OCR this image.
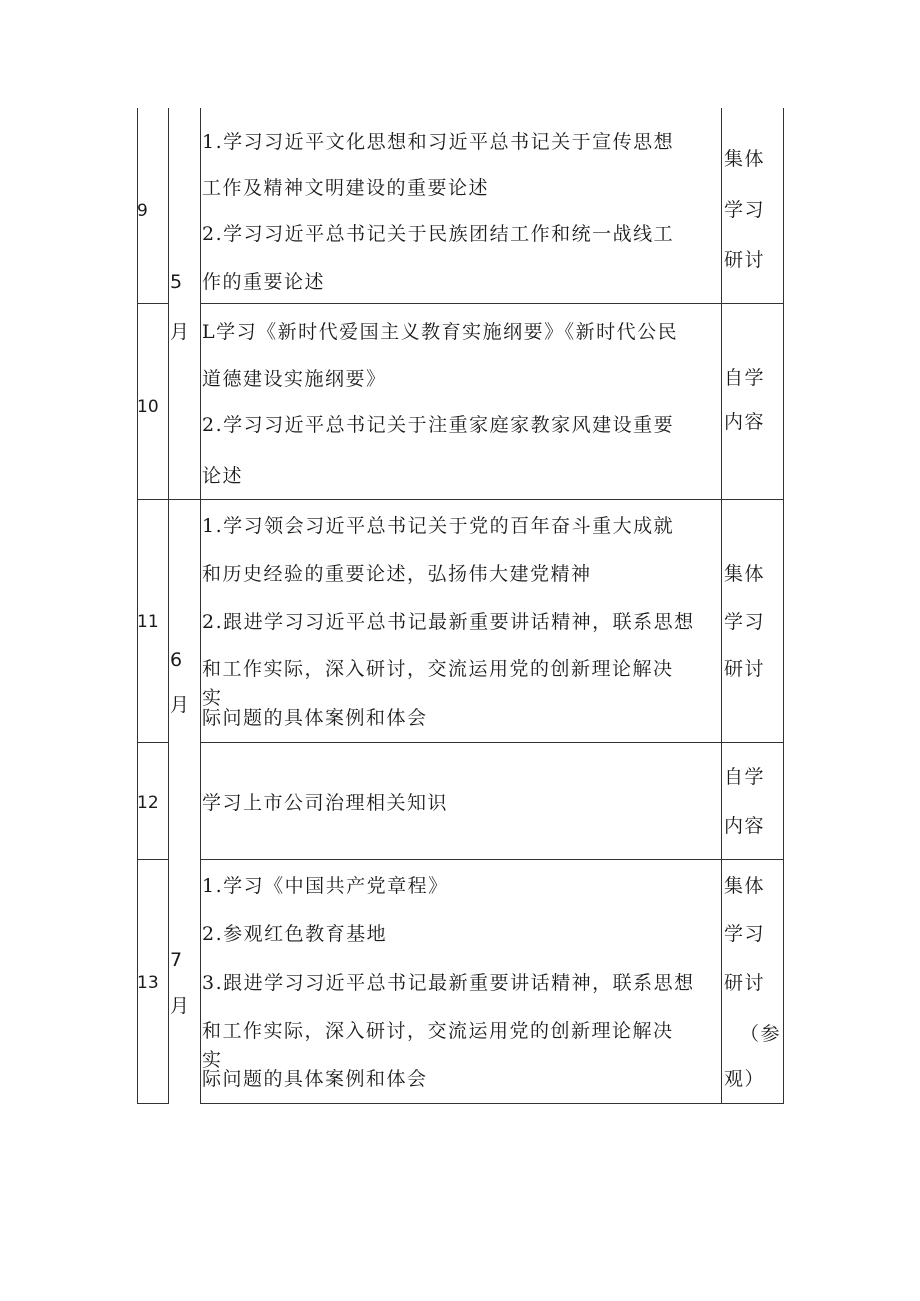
9
1.学习习近平文化思想和习近平总书记关于宣传思想
工作及精神文明建设的重要论述
2.学习习近平总书记关于民族团结工作和统一战线工
作的重要论述
集体
学习
研讨
5
月
10
L学习《新时代爱国主义教育实施纲要》《新时代公民
道德建设实施纲要》
2.学习习近平总书记关于注重家庭家教家风建设重要
论述
自学
内容
11
1.学习领会习近平总书记关于党的百年奋斗重大成就
和历史经验的重要论述，弘扬伟大建党精神
2.跟进学习习近平总书记最新重要讲话精神，联系思想
和工作实际，深入研讨，交流运用党的创新理论解决
实
际问题的具体案例和体会
集体
学习
研讨
6
月
12 学习上市公司治理相关知识
自学
内容
13
1.学习《中国共产党章程》
2.参观红色教育基地
3.跟进学习习近平总书记最新重要讲话精神，联系思想
和工作实际，深入研讨，交流运用党的创新理论解决
实
际问题的具体案例和体会
集体
学习
研讨
（参
观）
7
月
